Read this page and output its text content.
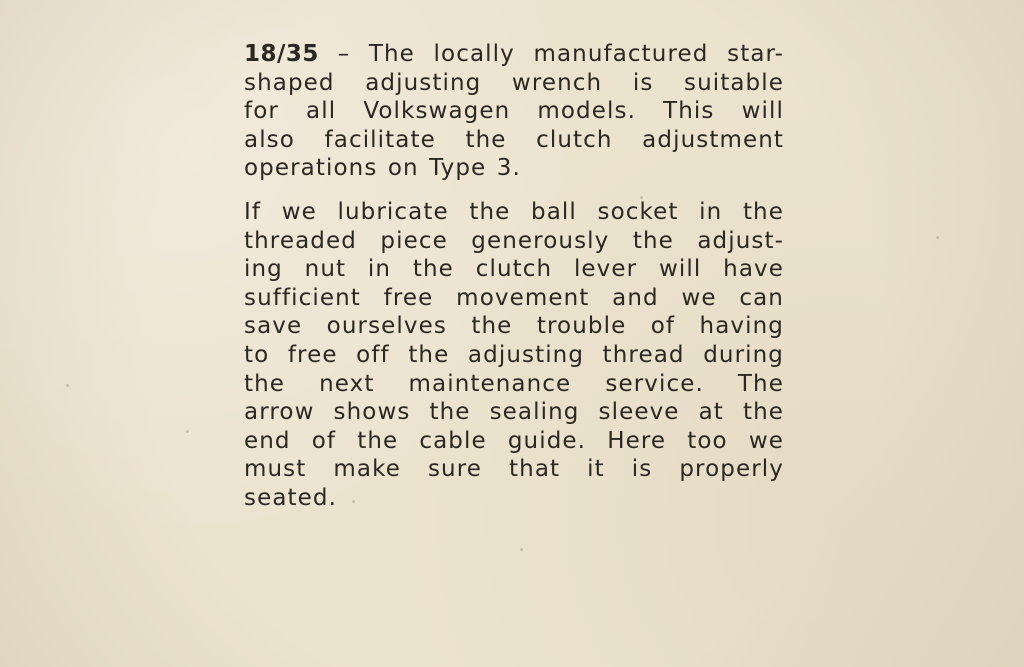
18/35 – The locally manufactured star-
shaped adjusting wrench is suitable
for all Volkswagen models. This will
also facilitate the clutch adjustment
operations on Type 3.

If we lubricate the ball socket in the
threaded piece generously the adjust-
ing nut in the clutch lever will have
sufficient free movement and we can
save ourselves the trouble of having
to free off the adjusting thread during
the next maintenance service. The
arrow shows the sealing sleeve at the
end of the cable guide. Here too we
must make sure that it is properly
seated.
